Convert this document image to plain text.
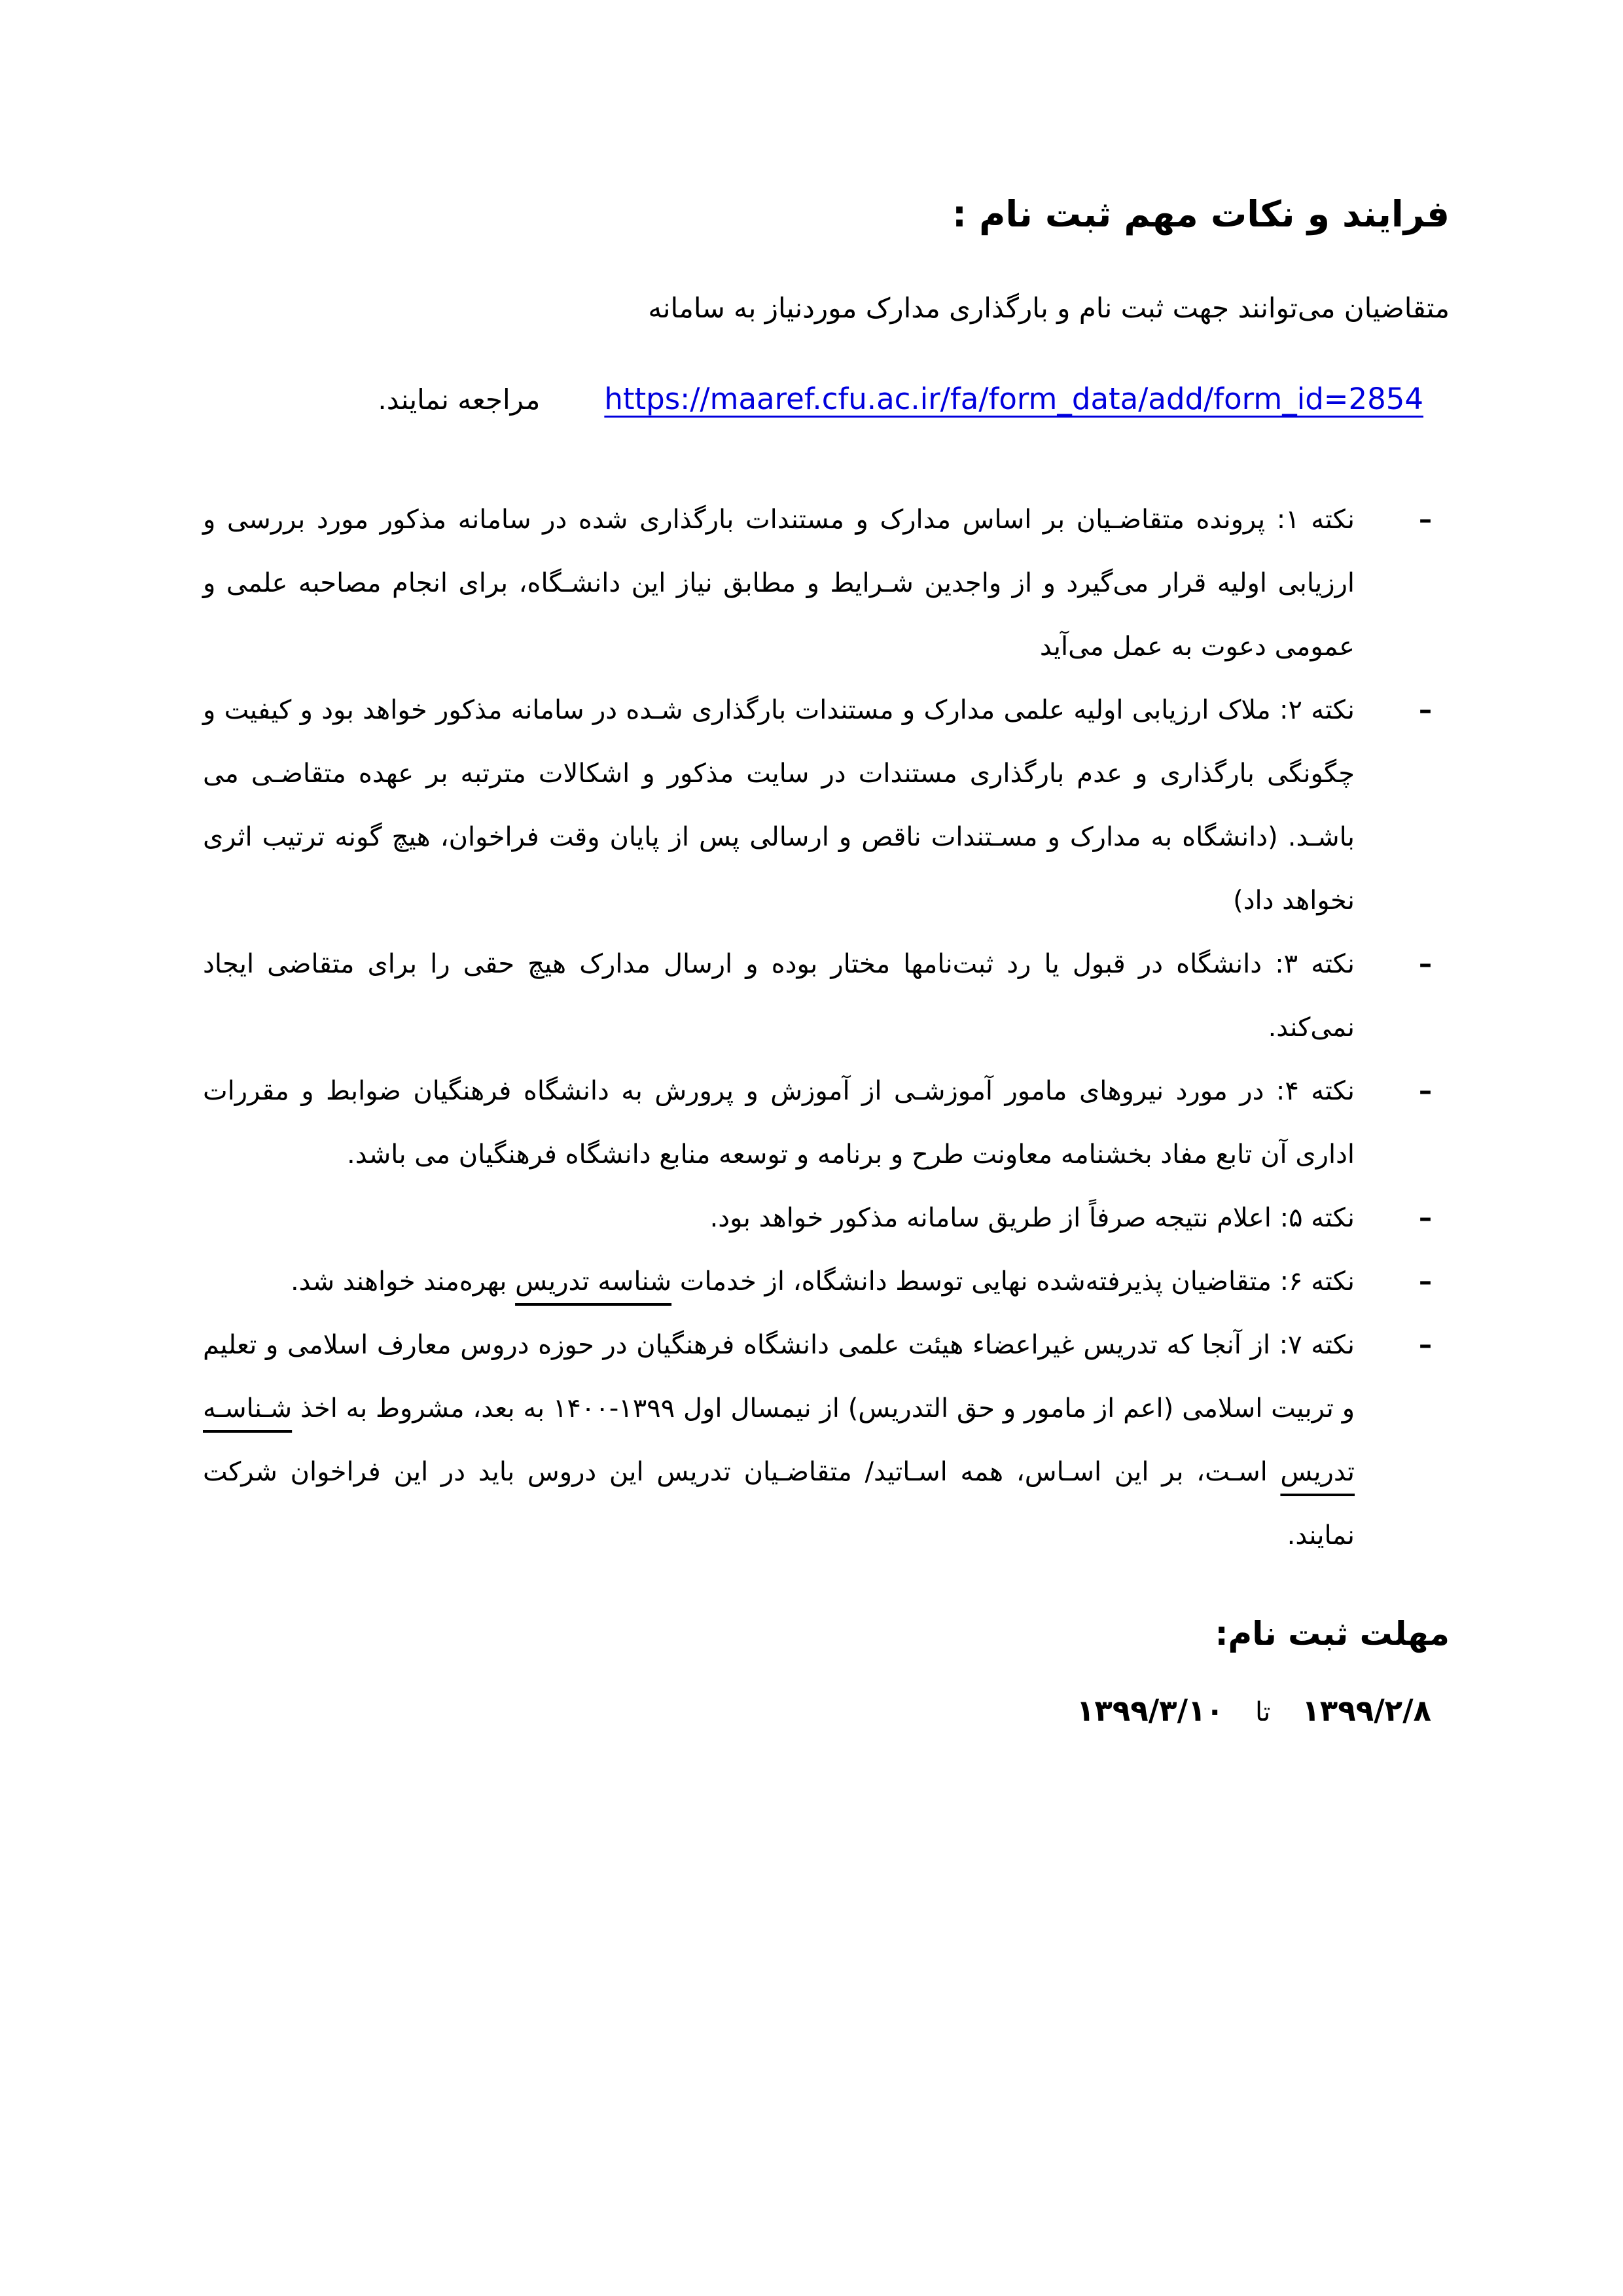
فرایند و نکات مهم ثبت نام :

متقاضیان می‌توانند جهت ثبت نام و بارگذاری مدارک موردنیاز به سامانه

https://maaref.cfu.ac.ir/fa/form_data/add/form_id=2854مراجعه نمایند.

–
نکته ۱: پرونده متقاضـیان بر اساس مدارک و مستندات بارگذاری شده در سامانه مذکور مورد بررسی و ارزیابی اولیه قرار می‌گیرد و از واجدین شـرایط و مطابق نیاز این دانشـگاه، برای انجام مصاحبه علمی و عمومی دعوت به عمل می‌آید
–
نکته ۲: ملاک ارزیابی اولیه علمی مدارک و مستندات بارگذاری شـده در سامانه مذکور خواهد بود و کیفیت و چگونگی بارگذاری و عدم بارگذاری مستندات در سایت مذکور و اشکالات مترتبه بر عهده متقاضـی می باشـد. (دانشگاه به مدارک و مسـتندات ناقص و ارسالی پس از پایان وقت فراخوان، هیچ گونه ترتیب اثری نخواهد داد)
–
نکته ۳: دانشگاه در قبول یا رد ثبت‌نامها مختار بوده و ارسال مدارک هیچ حقی را برای متقاضی ایجاد نمی‌کند.
–
نکته ۴: در مورد نیروهای مامور آموزشـی از آموزش و پرورش به دانشگاه فرهنگیان ضوابط و مقررات اداری آن تابع مفاد بخشنامه معاونت طرح و برنامه و توسعه منابع دانشگاه فرهنگیان می باشد.
–
نکته ۵: اعلام نتیجه صرفاً از طریق سامانه مذکور خواهد بود.
–
نکته ۶: متقاضیان پذیرفته‌شده نهایی توسط دانشگاه، از خدمات شناسه تدریس بهره‌مند خواهند شد.
–
نکته ۷: از آنجا که تدریس غیراعضاء هیئت علمی دانشگاه فرهنگیان در حوزه دروس معارف اسلامی و تعلیم و تربیت اسلامی (اعم از مامور و حق التدریس) از نیمسال اول ۱۳۹۹-۱۴۰۰ به بعد، مشروط به اخذ شـناسـه تدریس اسـت، بر این اسـاس، همه اسـاتید/ متقاضـیان تدریس این دروس باید در این فراخوان شرکت نمایند.
مهلت ثبت نام:

۱۳۹۹/۲/۸تا۱۳۹۹/۳/۱۰
